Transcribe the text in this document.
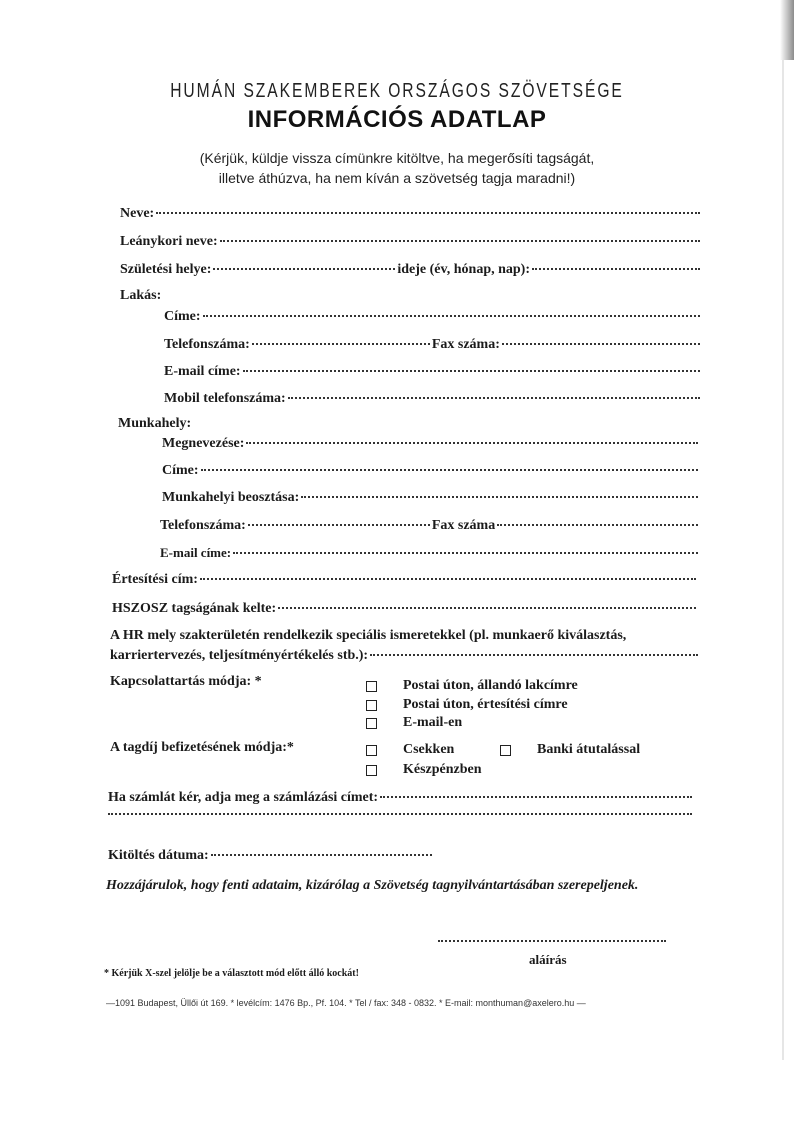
HUMÁN SZAKEMBEREK ORSZÁGOS SZÖVETSÉGE
INFORMÁCIÓS ADATLAP
(Kérjük, küldje vissza címünkre kitöltve, ha megerősíti tagságát,
illetve áthúzva, ha nem kíván a szövetség tagja maradni!)
Neve:
Leánykori neve:
Születési helye:	ideje (év, hónap, nap):
Lakás:
Címe:
Telefonszáma:	Fax száma:
E-mail címe:
Mobil telefonszáma:
Munkahely:
Megnevezése:
Címe:
Munkahelyi beosztása:
Telefonszáma:	Fax száma
E-mail címe:
Értesítési cím:
HSZOSZ tagságának kelte:
A HR mely szakterületén rendelkezik speciális ismeretekkel (pl. munkaerő kiválasztás,
karriertervezés, teljesítményértékelés stb.):
Kapcsolattartás módja: *	Postai úton, állandó lakcímre
Postai úton, értesítési címre
E-mail-en
A tagdíj befizetésének módja:*	Csekken	Banki átutalással
Készpénzben
Ha számlát kér, adja meg a számlázási címet:
Kitöltés dátuma:
Hozzájárulok, hogy fenti adataim, kizárólag a Szövetség tagnyilvántartásában szerepeljenek.
aláírás
* Kérjük X-szel jelölje be a választott mód előtt álló kockát!
—1091 Budapest, Üllői út 169. * levélcím: 1476 Bp., Pf. 104. * Tel / fax: 348 - 0832. * E-mail: monthuman@axelero.hu —
